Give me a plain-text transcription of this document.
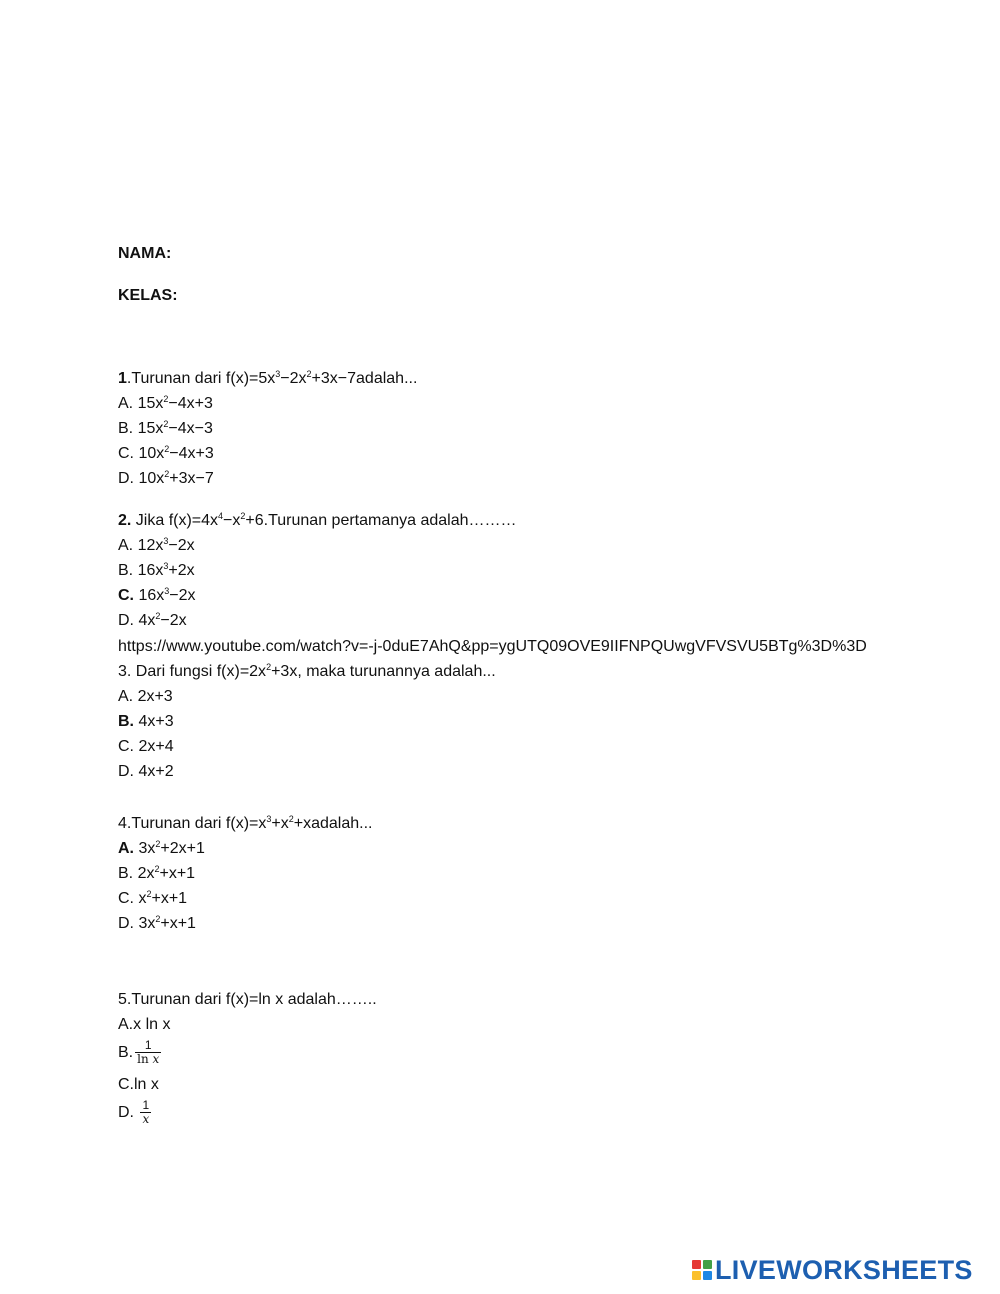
NAMA:
KELAS:
1.Turunan dari $f(x)=5x^3-2x^2+3x-7adalah$...
A. $15x^2-4x+3$
B. $15x^2-4x-3$
C. $10x^2-4x+3$
D. $10x^2+3x-7$
2. Jika $f(x)=4x^4-x^2+6.Turunan$ pertamanya adalah………
A. $12x^3-2x$
B. $16x^3+2x$
C. $16x^3-2x$
D. $4x^2-2x$
https://www.youtube.com/watch?v=-j-0duE7AhQ&pp=ygUTQ09OVE9IIFNPQUwgVFVSVU5BTg%3D%3D
3. Dari fungsi $f(x)=2x^2+3x$, maka turunannya adalah...
A. 2x+3
B. 4x+3
C. 2x+4
D. 4x+2
4.Turunan dari $f(x)=x^3+x^2+xadalah$...
A. $3x^2+2x+1$
B. $2x^2+x+1$
C. $x^2+x+1$
D. $3x^2+x+1$
5.Turunan dari f(x)=ln x adalah……..
A.x ln x
B. $\frac{1}{\text{ln x}}$
C.ln x
D. $\frac{1}{x}$
LIVEWORKSHEETS
